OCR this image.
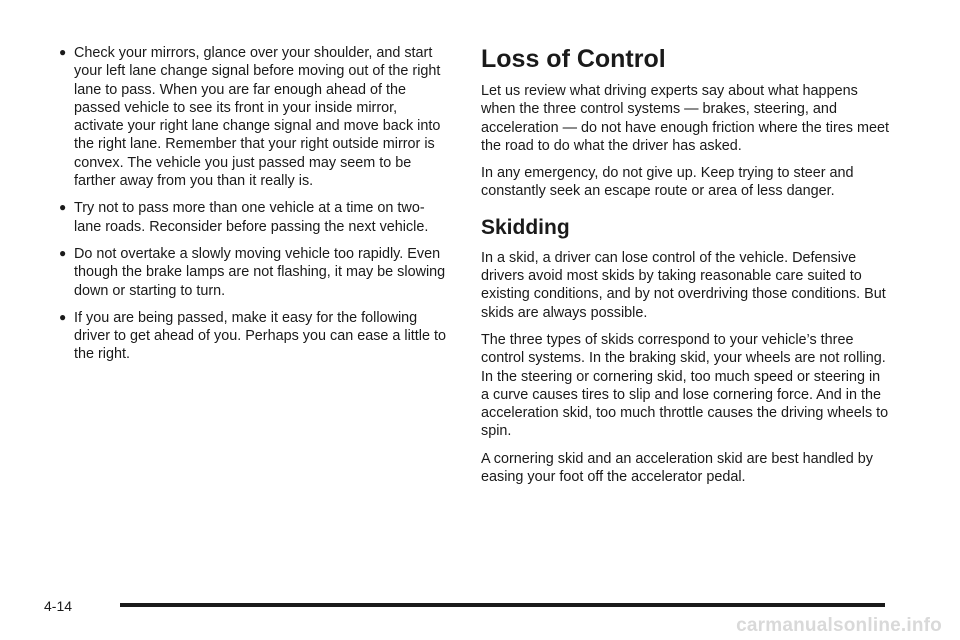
● Check your mirrors, glance over your shoulder, and start your left lane change signal before moving out of the right lane to pass. When you are far enough ahead of the passed vehicle to see its front in your inside mirror, activate your right lane change signal and move back into the right lane. Remember that your right outside mirror is convex. The vehicle you just passed may seem to be farther away from you than it really is.
● Try not to pass more than one vehicle at a time on two-lane roads. Reconsider before passing the next vehicle.
● Do not overtake a slowly moving vehicle too rapidly. Even though the brake lamps are not flashing, it may be slowing down or starting to turn.
● If you are being passed, make it easy for the following driver to get ahead of you. Perhaps you can ease a little to the right.
Loss of Control

Let us review what driving experts say about what happens when the three control systems — brakes, steering, and acceleration — do not have enough friction where the tires meet the road to do what the driver has asked.

In any emergency, do not give up. Keep trying to steer and constantly seek an escape route or area of less danger.

Skidding

In a skid, a driver can lose control of the vehicle. Defensive drivers avoid most skids by taking reasonable care suited to existing conditions, and by not overdriving those conditions. But skids are always possible.

The three types of skids correspond to your vehicle’s three control systems. In the braking skid, your wheels are not rolling. In the steering or cornering skid, too much speed or steering in a curve causes tires to slip and lose cornering force. And in the acceleration skid, too much throttle causes the driving wheels to spin.

A cornering skid and an acceleration skid are best handled by easing your foot off the accelerator pedal.

4-14
carmanualsonline.info
